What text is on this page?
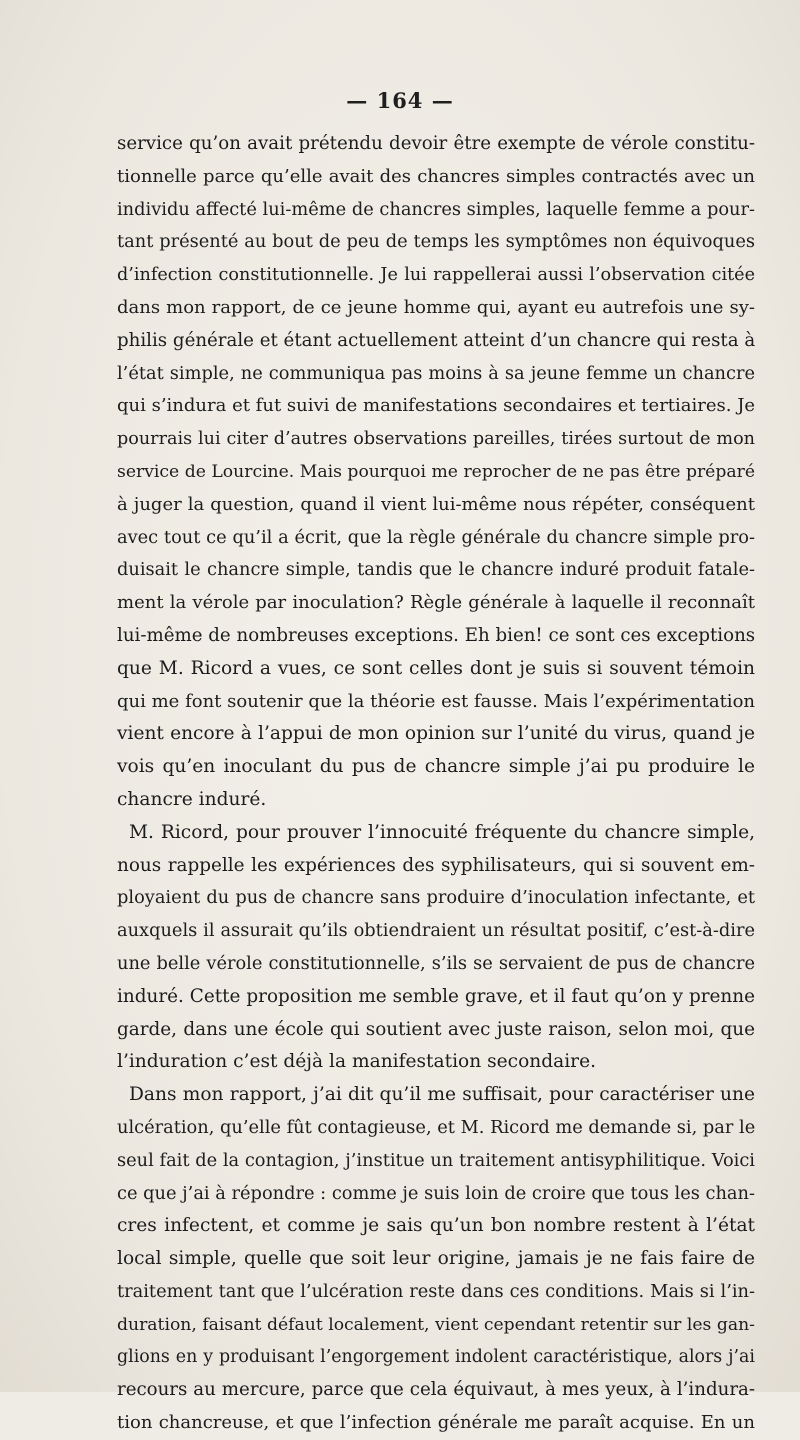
— 164 —
service qu’on avait prétendu devoir être exempte de vérole constitu-
tionnelle parce qu’elle avait des chancres simples contractés avec un
individu affecté lui-même de chancres simples, laquelle femme a pour-
tant présenté au bout de peu de temps les symptômes non équivoques
d’infection constitutionnelle. Je lui rappellerai aussi l’observation citée
dans mon rapport, de ce jeune homme qui, ayant eu autrefois une sy-
philis générale et étant actuellement atteint d’un chancre qui resta à
l’état simple, ne communiqua pas moins à sa jeune femme un chancre
qui s’indura et fut suivi de manifestations secondaires et tertiaires. Je
pourrais lui citer d’autres observations pareilles, tirées surtout de mon
service de Lourcine. Mais pourquoi me reprocher de ne pas être préparé
à juger la question, quand il vient lui-même nous répéter, conséquent
avec tout ce qu’il a écrit, que la règle générale du chancre simple pro-
duisait le chancre simple, tandis que le chancre induré produit fatale-
ment la vérole par inoculation? Règle générale à laquelle il reconnaît
lui-même de nombreuses exceptions. Eh bien! ce sont ces exceptions
que M. Ricord a vues, ce sont celles dont je suis si souvent témoin
qui me font soutenir que la théorie est fausse. Mais l’expérimentation
vient encore à l’appui de mon opinion sur l’unité du virus, quand je
vois qu’en inoculant du pus de chancre simple j’ai pu produire le
chancre induré.
M. Ricord, pour prouver l’innocuité fréquente du chancre simple,
nous rappelle les expériences des syphilisateurs, qui si souvent em-
ployaient du pus de chancre sans produire d’inoculation infectante, et
auxquels il assurait qu’ils obtiendraient un résultat positif, c’est-à-dire
une belle vérole constitutionnelle, s’ils se servaient de pus de chancre
induré. Cette proposition me semble grave, et il faut qu’on y prenne
garde, dans une école qui soutient avec juste raison, selon moi, que
l’induration c’est déjà la manifestation secondaire.
Dans mon rapport, j’ai dit qu’il me suffisait, pour caractériser une
ulcération, qu’elle fût contagieuse, et M. Ricord me demande si, par le
seul fait de la contagion, j’institue un traitement antisyphilitique. Voici
ce que j’ai à répondre : comme je suis loin de croire que tous les chan-
cres infectent, et comme je sais qu’un bon nombre restent à l’état
local simple, quelle que soit leur origine, jamais je ne fais faire de
traitement tant que l’ulcération reste dans ces conditions. Mais si l’in-
duration, faisant défaut localement, vient cependant retentir sur les gan-
glions en y produisant l’engorgement indolent caractéristique, alors j’ai
recours au mercure, parce que cela équivaut, à mes yeux, à l’indura-
tion chancreuse, et que l’infection générale me paraît acquise. En un
